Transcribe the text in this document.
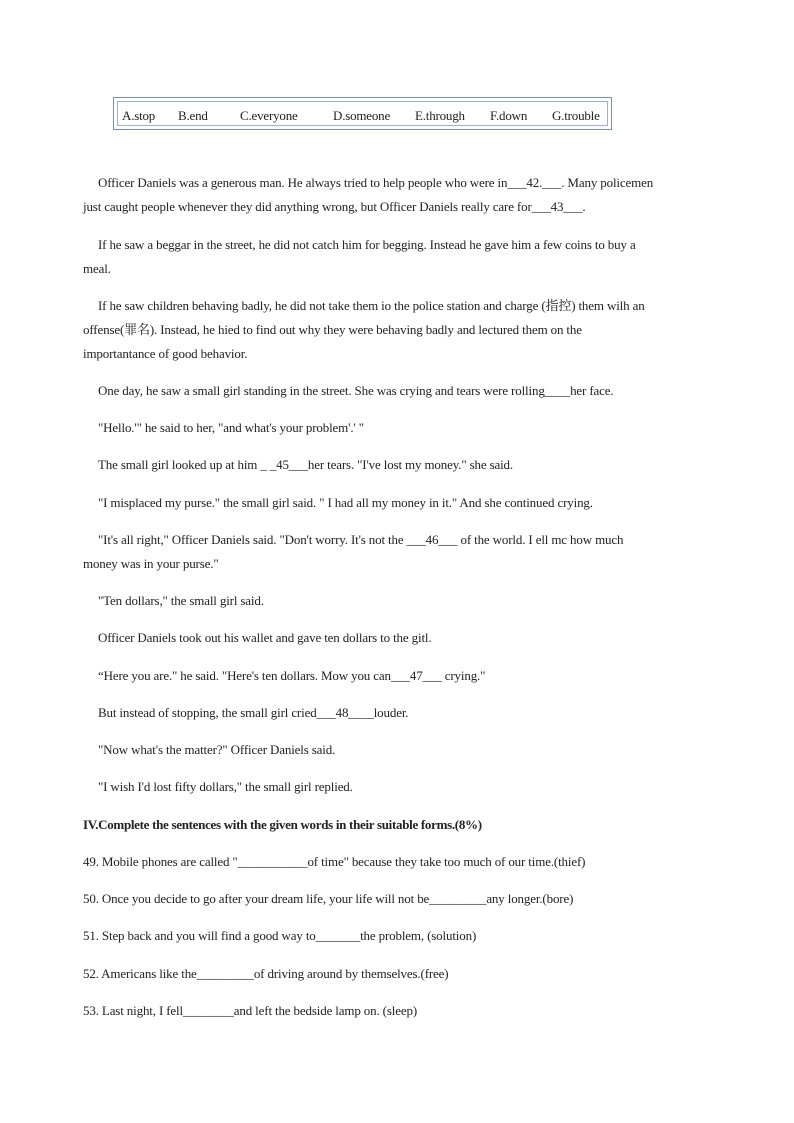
A.stop B.end C.everyone	D.someone E.through F.down G.trouble
Officer Daniels was a generous man. He always tried to help people who were in___42.___. Many policemen
just caught people whenever they did anything wrong, but Officer Daniels really care for___43___.
If he saw a beggar in the street, he did not catch him for begging. Instead he gave him a few coins to buy a
meal.
If he saw children behaving badly, he did not take them io the police station and charge (指控) them wilh an
offense(罪名). Instead, he hied to find out why they were behaving badly and lectured them on the
importantance of good behavior.
One day, he saw a small girl standing in the street. She was crying and tears were rolling____her face.
"Hello.'" he said to her, "and what's your problem'.' "
The small girl looked up at him _ _45___her tears. "I've lost my money." she said.
"I misplaced my purse." the small girl said. " I had all my money in it." And she continued crying.
"It's all right," Officer Daniels said. "Don't worry. It's not the ___46___ of the world. I ell mc how much
money was in your purse."
"Ten dollars," the small girl said.
Officer Daniels took out his wallet and gave ten dollars to the gitl.
“Here you are." he said. "Here's ten dollars. Mow you can___47___ crying."
But instead of stopping, the small girl cried___48____louder.
"Now what's the matter?" Officer Daniels said.
"I wish I'd lost fifty dollars," the small girl replied.
IV.Complete the sentences with the given words in their suitable forms.(8%)
49. Mobile phones are called "___________of time" because they take too much of our time.(thief)
50. Once you decide to go after your dream life, your life will not be_________any longer.(bore)
51. Step back and you will find a good way to_______the problem, (solution)
52. Americans like the_________of driving around by themselves.(free)
53. Last night, I fell________and left the bedside lamp on. (sleep)
